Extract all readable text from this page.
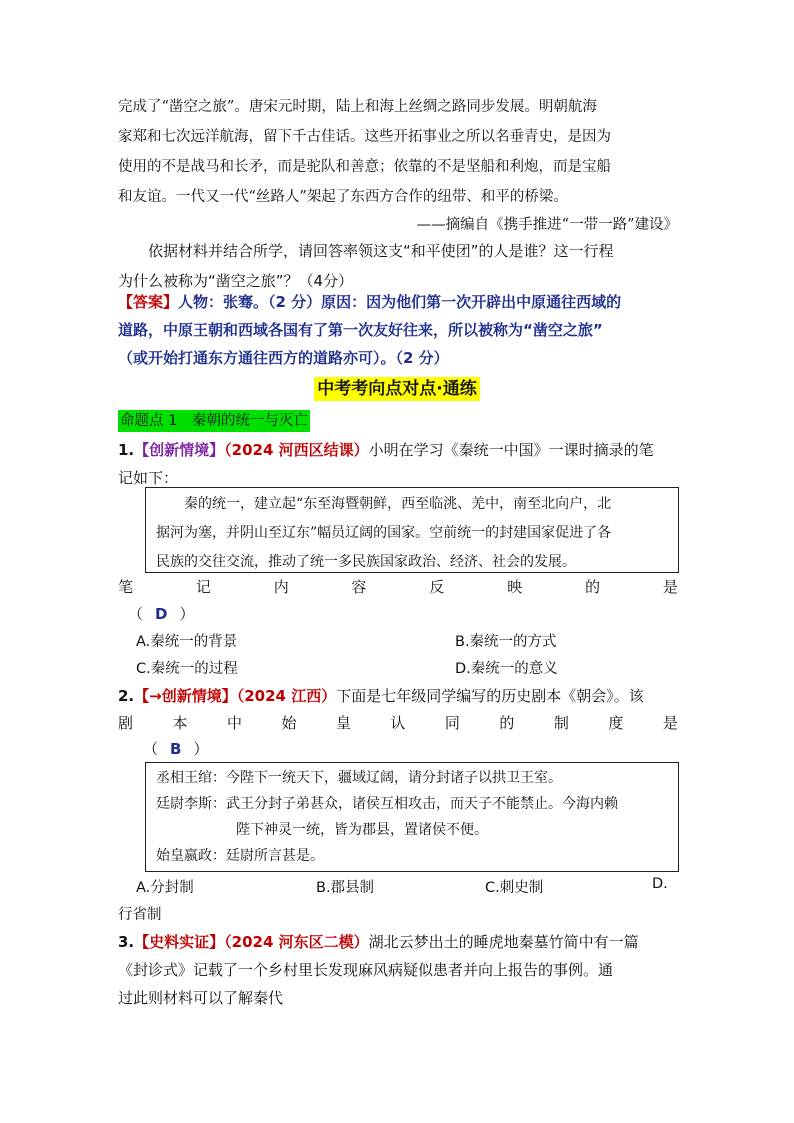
完成了“凿空之旅”。唐宋元时期，陆上和海上丝绸之路同步发展。明朝航海
家郑和七次远洋航海，留下千古佳话。这些开拓事业之所以名垂青史，是因为
使用的不是战马和长矛，而是驼队和善意；依靠的不是坚船和利炮，而是宝船
和友谊。一代又一代“丝路人”架起了东西方合作的纽带、和平的桥梁。
——摘编自《携手推进“一带一路”建设》
依据材料并结合所学，请回答率领这支“和平使团”的人是谁？这一行程
为什么被称为“凿空之旅”？（4分）
【答案】人物：张骞。（2 分）原因：因为他们第一次开辟出中原通往西域的
道路，中原王朝和西域各国有了第一次友好往来，所以被称为“凿空之旅”
（或开始打通东方通往西方的道路亦可）。（2 分）
中考考向点对点·通练
命题点 1　秦朝的统一与灭亡
1.【创新情境】（2024 河西区结课）小明在学习《秦统一中国》一课时摘录的笔
记如下：
秦的统一，建立起“东至海暨朝鲜，西至临洮、羌中，南至北向户，北
据河为塞，并阴山至辽东”幅员辽阔的国家。空前统一的封建国家促进了各
民族的交往交流，推动了统一多民族国家政治、经济、社会的发展。
笔	记	内	容	反	映	的	是
（ D ）
A.秦统一的背景	B.秦统一的方式
C.秦统一的过程	D.秦统一的意义
2.【→创新情境】（2024 江西）下面是七年级同学编写的历史剧本《朝会》。该
剧	本	中	始	皇	认	同	的	制	度	是
（ B ）
丞相王绾：今陛下一统天下，疆域辽阔，请分封诸子以拱卫王室。
廷尉李斯：武王分封子弟甚众，诸侯互相攻击，而天子不能禁止。今海内赖
陛下神灵一统，皆为郡县，置诸侯不便。
始皇嬴政：廷尉所言甚是。
A.分封制	B.郡县制	C.刺史制	D.
行省制
3.【史料实证】（2024 河东区二模）湖北云梦出土的睡虎地秦墓竹简中有一篇
《封诊式》记载了一个乡村里长发现麻风病疑似患者并向上报告的事例。通
过此则材料可以了解秦代
